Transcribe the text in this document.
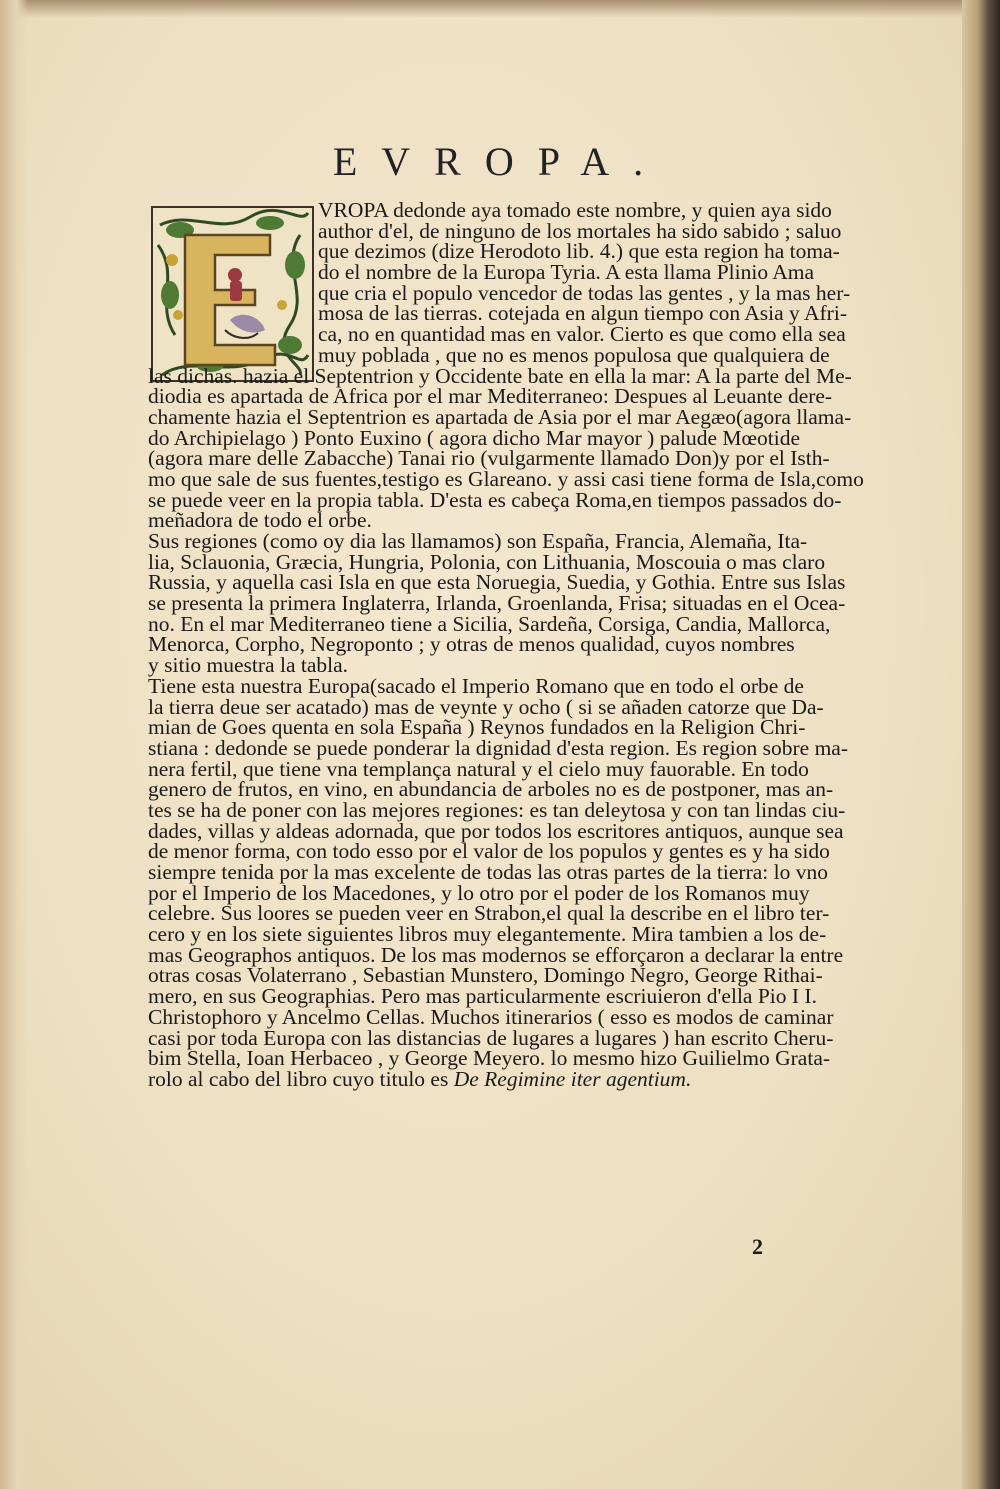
EVROPA.
VROPA dedonde aya tomado este nombre, y quien aya sido
author d'el, de ninguno de los mortales ha sido sabido ; saluo
que dezimos (dize Herodoto lib. 4.) que esta region ha toma-
do el nombre de la Europa Tyria. A esta llama Plinio Ama
que cria el populo vencedor de todas las gentes , y la mas her-
mosa de las tierras. cotejada en algun tiempo con Asia y Afri-
ca, no en quantidad mas en valor. Cierto es que como ella sea
muy poblada , que no es menos populosa que qualquiera de
las dichas. hazia el Septentrion y Occidente bate en ella la mar: A la parte del Me-
diodia es apartada de Africa por el mar Mediterraneo: Despues al Leuante dere-
chamente hazia el Septentrion es apartada de Asia por el mar Aegæo(agora llama-
do Archipielago ) Ponto Euxino ( agora dicho Mar mayor ) palude Mœotide
(agora mare delle Zabacche) Tanai rio (vulgarmente llamado Don)y por el Isth-
mo que sale de sus fuentes,testigo es Glareano. y assi casi tiene forma de Isla,como
se puede veer en la propia tabla. D'esta es cabeça Roma,en tiempos passados do-
meñadora de todo el orbe.
Sus regiones (como oy dia las llamamos) son España, Francia, Alemaña, Ita-
lia, Sclauonia, Græcia, Hungria, Polonia, con Lithuania, Moscouia o mas claro
Russia, y aquella casi Isla en que esta Noruegia, Suedia, y Gothia. Entre sus Islas
se presenta la primera Inglaterra, Irlanda, Groenlanda, Frisa; situadas en el Ocea-
no. En el mar Mediterraneo tiene a Sicilia, Sardeña, Corsiga, Candia, Mallorca,
Menorca, Corpho, Negroponto ; y otras de menos qualidad, cuyos nombres
y sitio muestra la tabla.
Tiene esta nuestra Europa(sacado el Imperio Romano que en todo el orbe de
la tierra deue ser acatado) mas de veynte y ocho ( si se añaden catorze que Da-
mian de Goes quenta en sola España ) Reynos fundados en la Religion Chri-
stiana : dedonde se puede ponderar la dignidad d'esta region. Es region sobre ma-
nera fertil, que tiene vna templança natural y el cielo muy fauorable. En todo
genero de frutos, en vino, en abundancia de arboles no es de postponer, mas an-
tes se ha de poner con las mejores regiones: es tan deleytosa y con tan lindas ciu-
dades, villas y aldeas adornada, que por todos los escritores antiquos, aunque sea
de menor forma, con todo esso por el valor de los populos y gentes es y ha sido
siempre tenida por la mas excelente de todas las otras partes de la tierra: lo vno
por el Imperio de los Macedones, y lo otro por el poder de los Romanos muy
celebre. Sus loores se pueden veer en Strabon,el qual la describe en el libro ter-
cero y en los siete siguientes libros muy elegantemente. Mira tambien a los de-
mas Geographos antiquos. De los mas modernos se efforçaron a declarar la entre
otras cosas Volaterrano , Sebastian Munstero, Domingo Negro, George Rithai-
mero, en sus Geographias. Pero mas particularmente escriuieron d'ella Pio I I.
Christophoro y Ancelmo Cellas. Muchos itinerarios ( esso es modos de caminar
casi por toda Europa con las distancias de lugares a lugares ) han escrito Cheru-
bim Stella, Ioan Herbaceo , y George Meyero. lo mesmo hizo Guilielmo Grata-
rolo al cabo del libro cuyo titulo es De Regimine iter agentium.
2
